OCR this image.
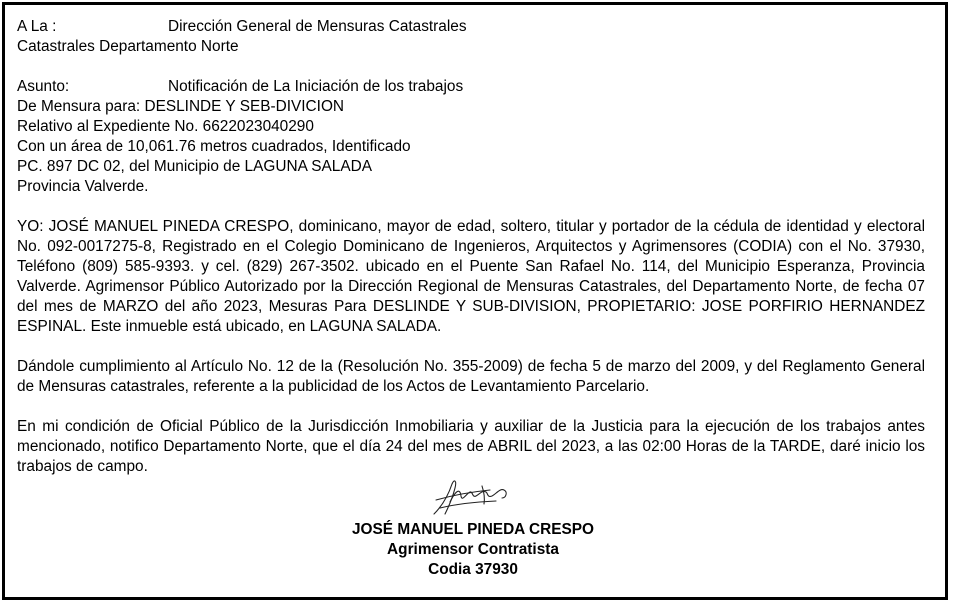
A La :	Dirección General de Mensuras Catastrales
Catastrales Departamento Norte
Asunto:	Notificación de La Iniciación de los trabajos
De Mensura para: DESLINDE Y SEB-DIVICION
Relativo al Expediente No. 6622023040290
Con un área de 10,061.76 metros cuadrados, Identificado
PC. 897 DC 02, del Municipio de LAGUNA SALADA
Provincia Valverde.
YO: JOSÉ MANUEL PINEDA CRESPO, dominicano, mayor de edad, soltero, titular y portador de la cédula de identidad y electoral No. 092-0017275-8, Registrado en el Colegio Dominicano de Ingenieros, Arquitectos y Agrimensores (CODIA) con el No. 37930, Teléfono (809) 585-9393. y cel. (829) 267-3502. ubicado en el Puente San Rafael No. 114, del Municipio Esperanza, Provincia Valverde. Agrimensor Público Autorizado por la Dirección Regional de Mensuras Catastrales, del Departamento Norte, de fecha 07 del mes de MARZO del año 2023, Mesuras Para DESLINDE Y SUB-DIVISION, PROPIETARIO: JOSE PORFIRIO HERNANDEZ ESPINAL. Este inmueble está ubicado, en LAGUNA SALADA.
Dándole cumplimiento al Artículo No. 12 de la (Resolución No. 355-2009) de fecha 5 de marzo del 2009, y del Reglamento General de Mensuras catastrales, referente a la publicidad de los Actos de Levantamiento Parcelario.
En mi condición de Oficial Público de la Jurisdicción Inmobiliaria y auxiliar de la Justicia para la ejecución de los trabajos antes mencionado, notifico Departamento Norte, que el día 24 del mes de ABRIL del 2023, a las 02:00 Horas de la TARDE, daré inicio los trabajos de campo.
JOSÉ MANUEL PINEDA CRESPO
Agrimensor Contratista
Codia 37930
